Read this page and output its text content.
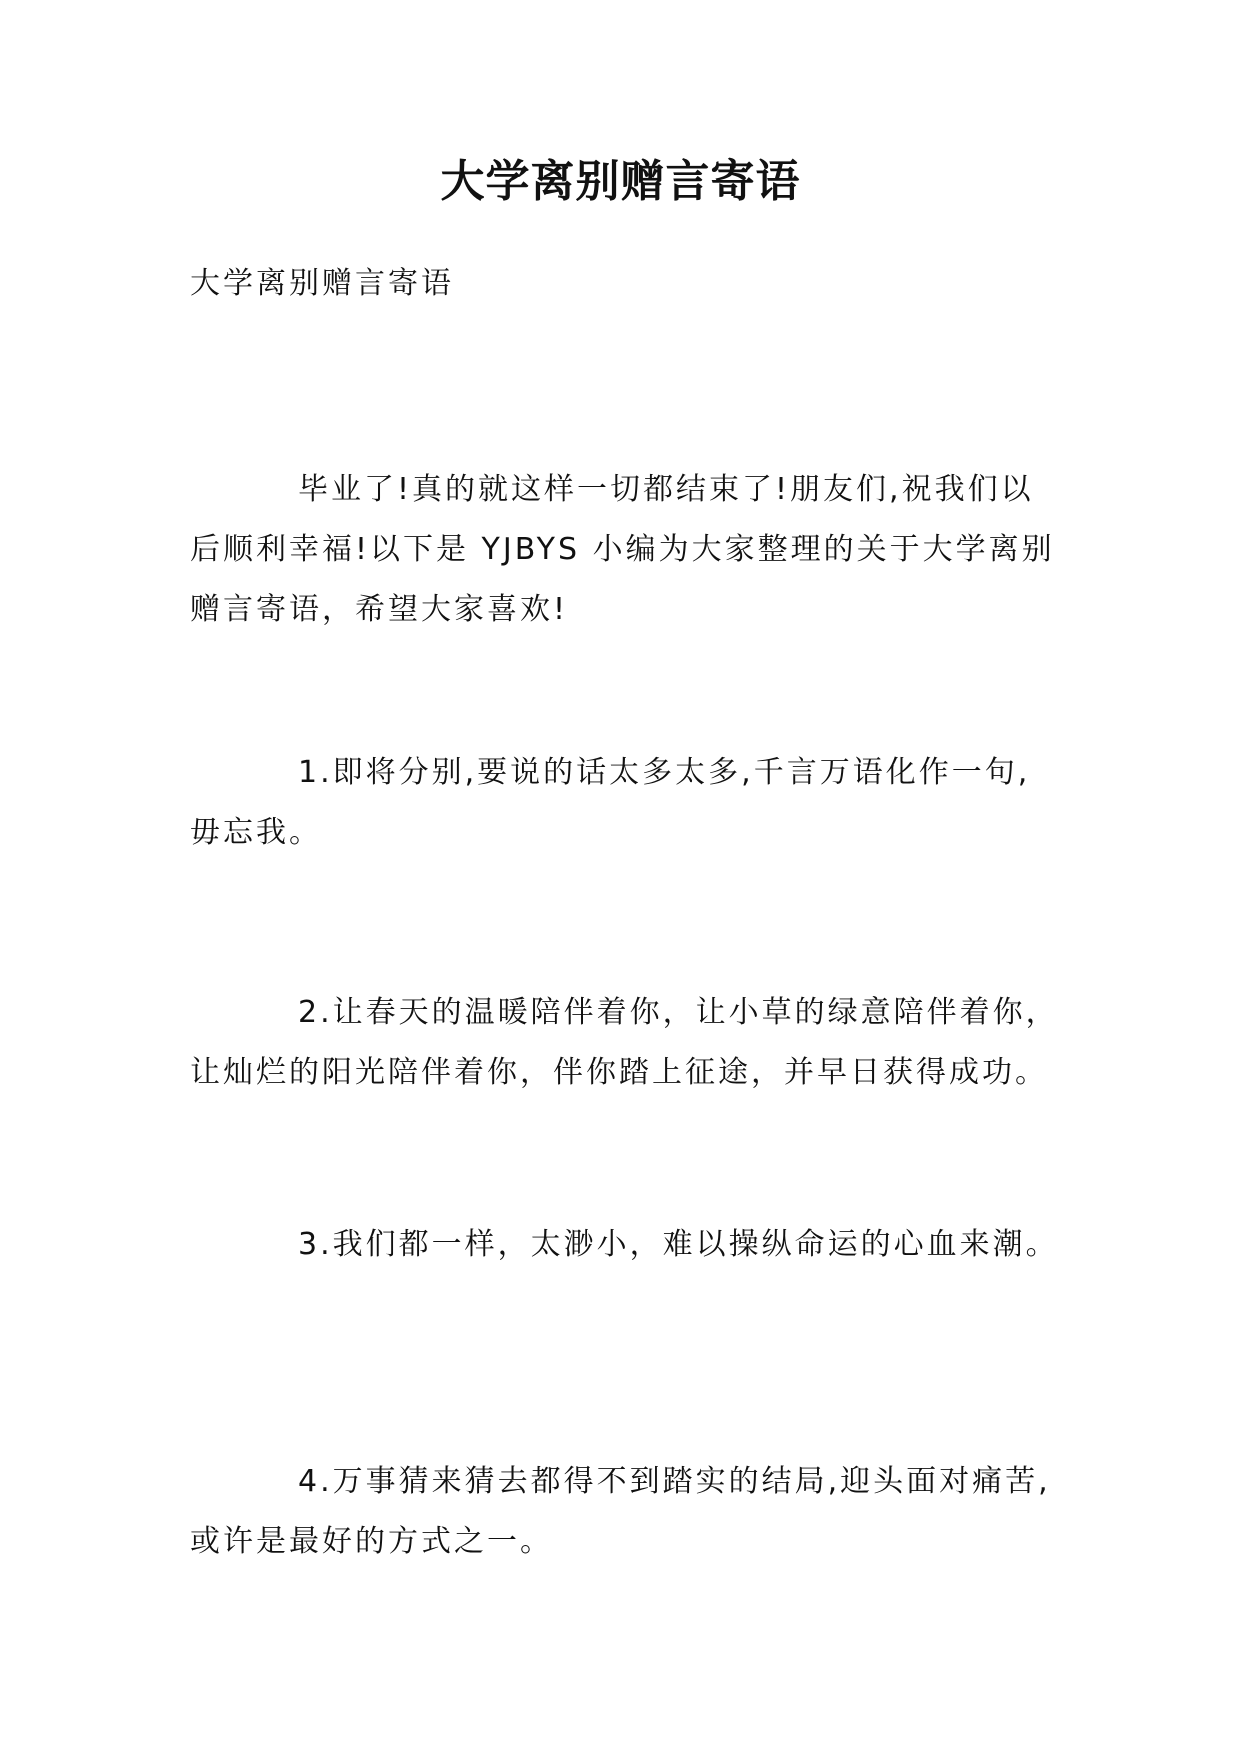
大学离别赠言寄语

大学离别赠言寄语

毕业了!真的就这样一切都结束了!朋友们,祝我们以
后顺利幸福!以下是 YJBYS 小编为大家整理的关于大学离别
赠言寄语，希望大家喜欢!

1.即将分别,要说的话太多太多,千言万语化作一句,
毋忘我。

2.让春天的温暖陪伴着你，让小草的绿意陪伴着你，
让灿烂的阳光陪伴着你，伴你踏上征途，并早日获得成功。

3.我们都一样，太渺小，难以操纵命运的心血来潮。

4.万事猜来猜去都得不到踏实的结局,迎头面对痛苦,
或许是最好的方式之一。
